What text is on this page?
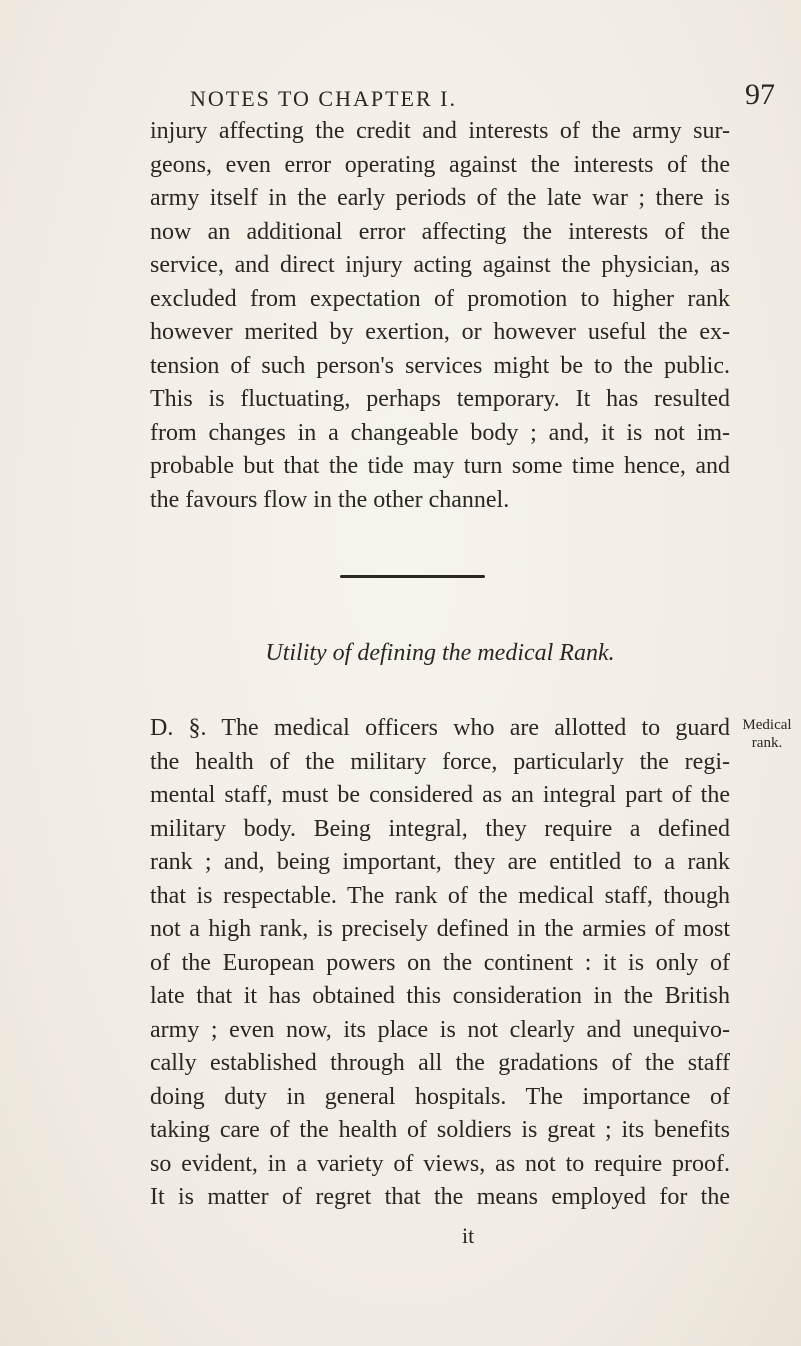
NOTES TO CHAPTER I.	97
injury affecting the credit and interests of the army sur-
geons, even error operating against the interests of the
army itself in the early periods of the late war ; there is
now an additional error affecting the interests of the
service, and direct injury acting against the physician, as
excluded from expectation of promotion to higher rank
however merited by exertion, or however useful the ex-
tension of such person's services might be to the public.
This is fluctuating, perhaps temporary. It has resulted
from changes in a changeable body ; and, it is not im-
probable but that the tide may turn some time hence, and
the favours flow in the other channel.
Utility of defining the medical Rank.
D. §. The medical officers who are allotted to guard
the health of the military force, particularly the regi-
mental staff, must be considered as an integral part of the
military body. Being integral, they require a defined
rank ; and, being important, they are entitled to a rank
that is respectable. The rank of the medical staff, though
not a high rank, is precisely defined in the armies of most
of the European powers on the continent : it is only of
late that it has obtained this consideration in the British
army ; even now, its place is not clearly and unequivo-
cally established through all the gradations of the staff
doing duty in general hospitals. The importance of
taking care of the health of soldiers is great ; its benefits
so evident, in a variety of views, as not to require proof.
It is matter of regret that the means employed for the
Medical
rank.
it
